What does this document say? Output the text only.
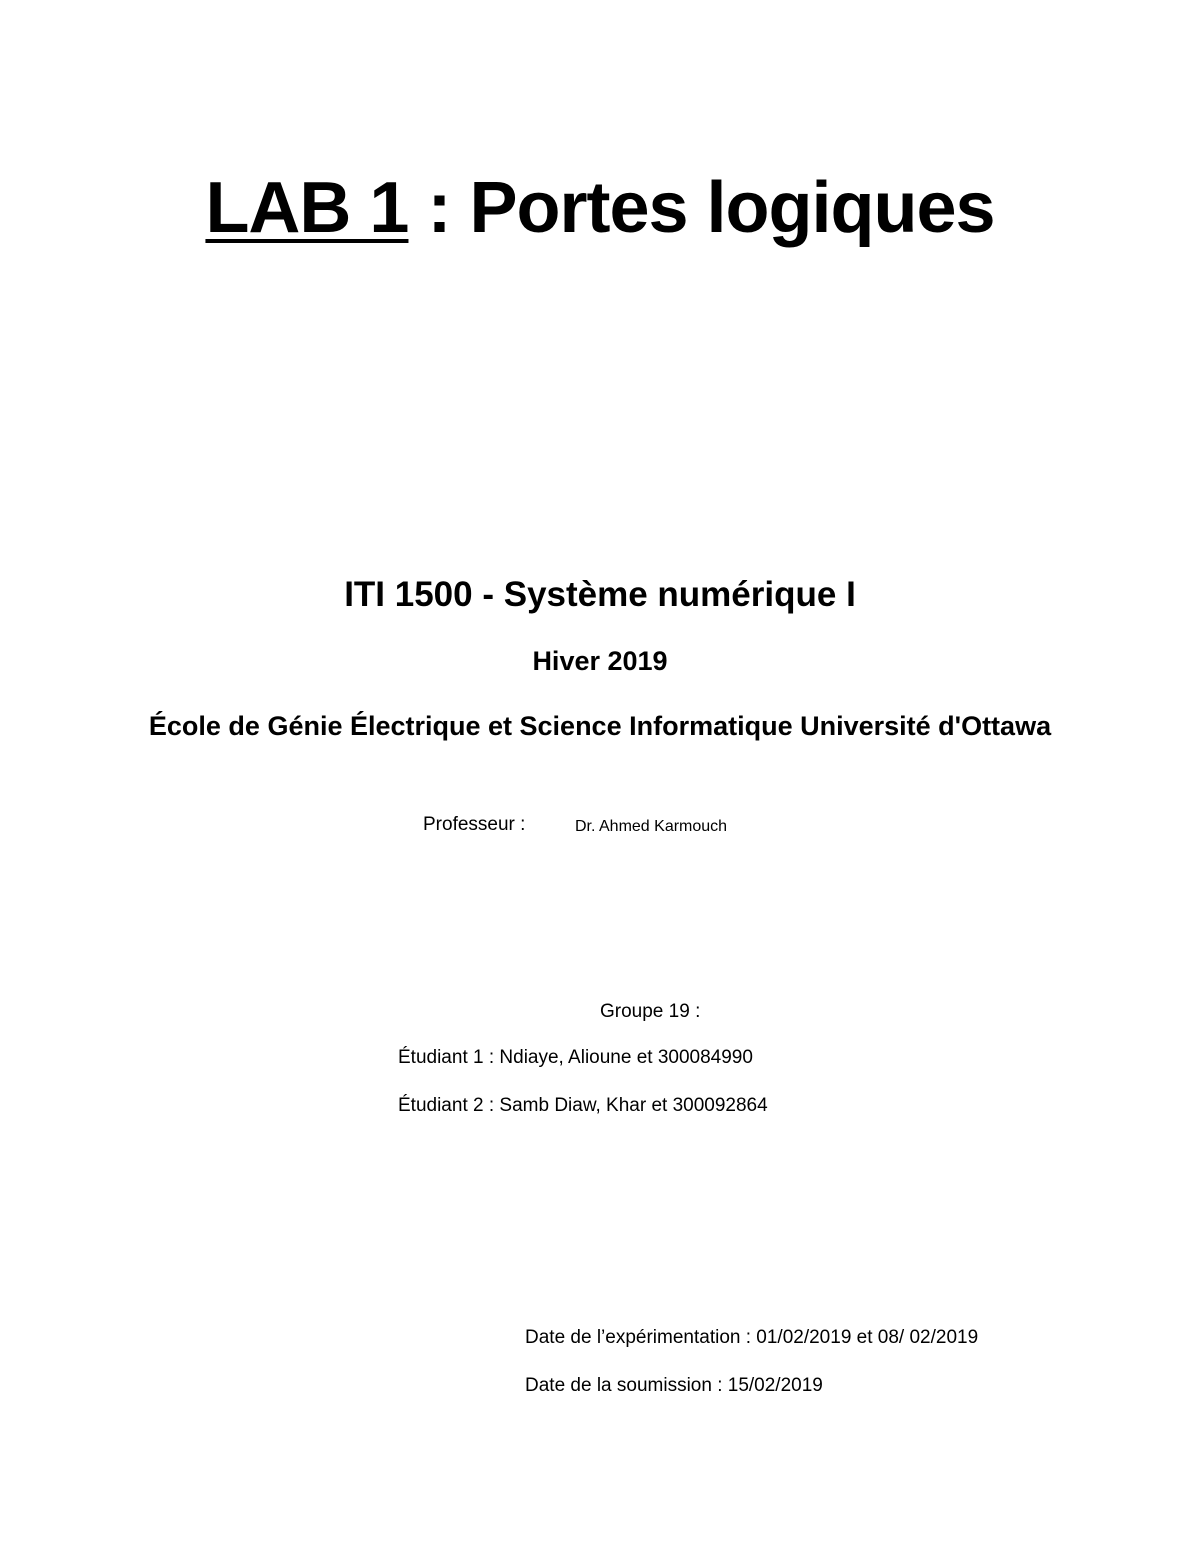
LAB 1 : Portes logiques
ITI 1500 - Système numérique I
Hiver 2019
École de Génie Électrique et Science Informatique Université d'Ottawa
Professeur :	Dr. Ahmed Karmouch
Groupe 19 :
Étudiant 1 : Ndiaye, Alioune et 300084990
Étudiant 2 : Samb Diaw, Khar et 300092864
Date de l’expérimentation : 01/02/2019 et 08/ 02/2019
Date de la soumission : 15/02/2019
